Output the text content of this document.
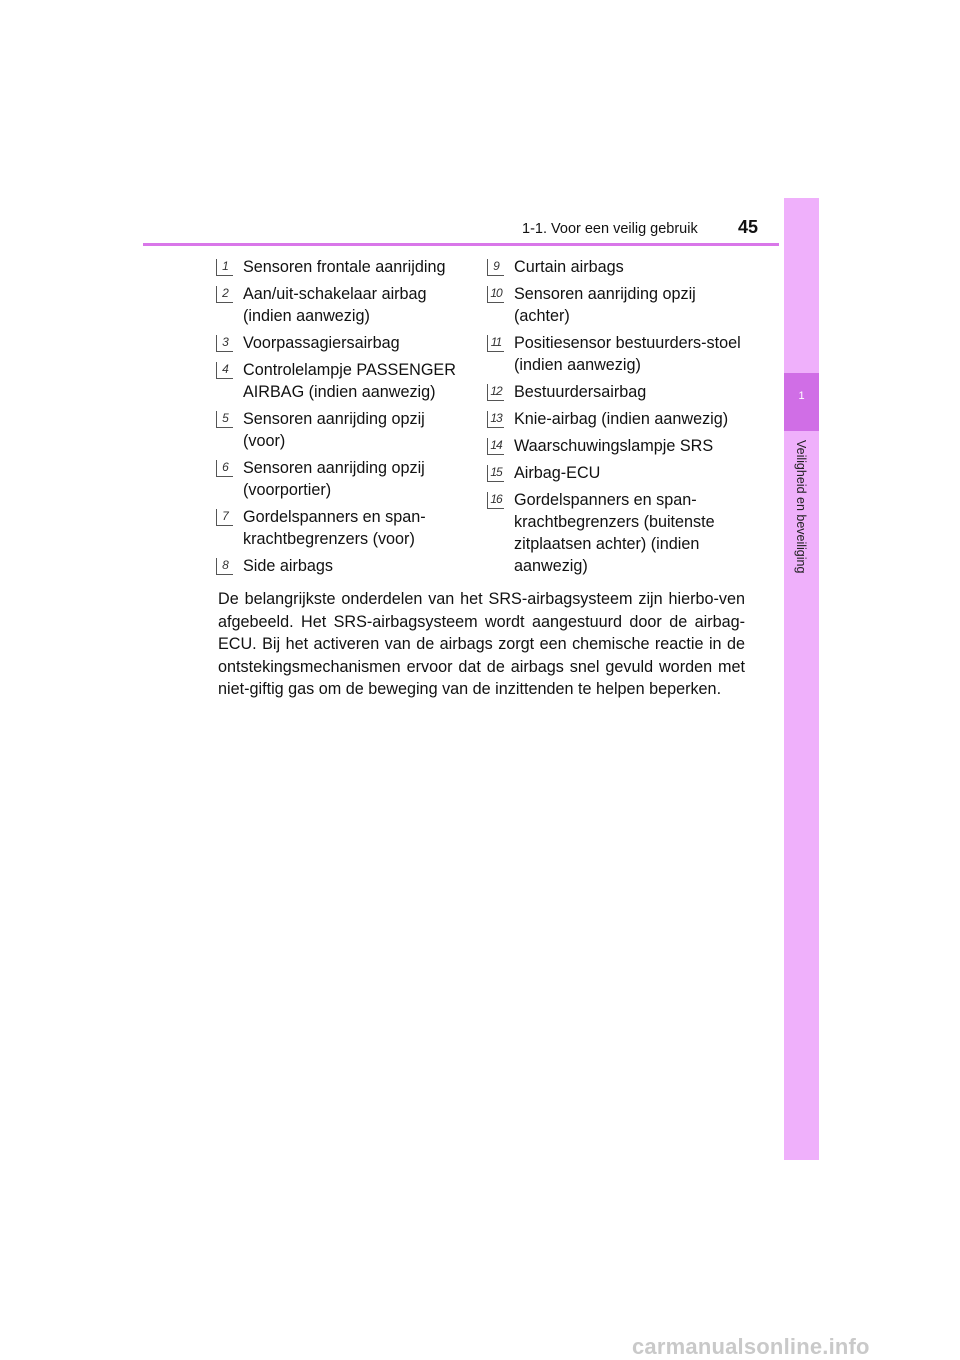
1-1. Voor een veilig gebruik 45
1
Veiligheid en beveiliging
1 Sensoren frontale aanrijding
2 Aan/uit-schakelaar airbag (indien aanwezig)
3 Voorpassagiersairbag
4 Controlelampje PASSENGER AIRBAG (indien aanwezig)
5 Sensoren aanrijding opzij (voor)
6 Sensoren aanrijding opzij (voorportier)
7 Gordelspanners en span-krachtbegrenzers (voor)
8 Side airbags
9 Curtain airbags
10 Sensoren aanrijding opzij (achter)
11 Positiesensor bestuurders-stoel (indien aanwezig)
12 Bestuurdersairbag
13 Knie-airbag (indien aanwezig)
14 Waarschuwingslampje SRS
15 Airbag-ECU
16 Gordelspanners en span-krachtbegrenzers (buitenste zitplaatsen achter) (indien aanwezig)
De belangrijkste onderdelen van het SRS-airbagsysteem zijn hierbo-ven afgebeeld. Het SRS-airbagsysteem wordt aangestuurd door de airbag-ECU. Bij het activeren van de airbags zorgt een chemische reactie in de ontstekingsmechanismen ervoor dat de airbags snel gevuld worden met niet-giftig gas om de beweging van de inzittenden te helpen beperken.
carmanualsonline.info
